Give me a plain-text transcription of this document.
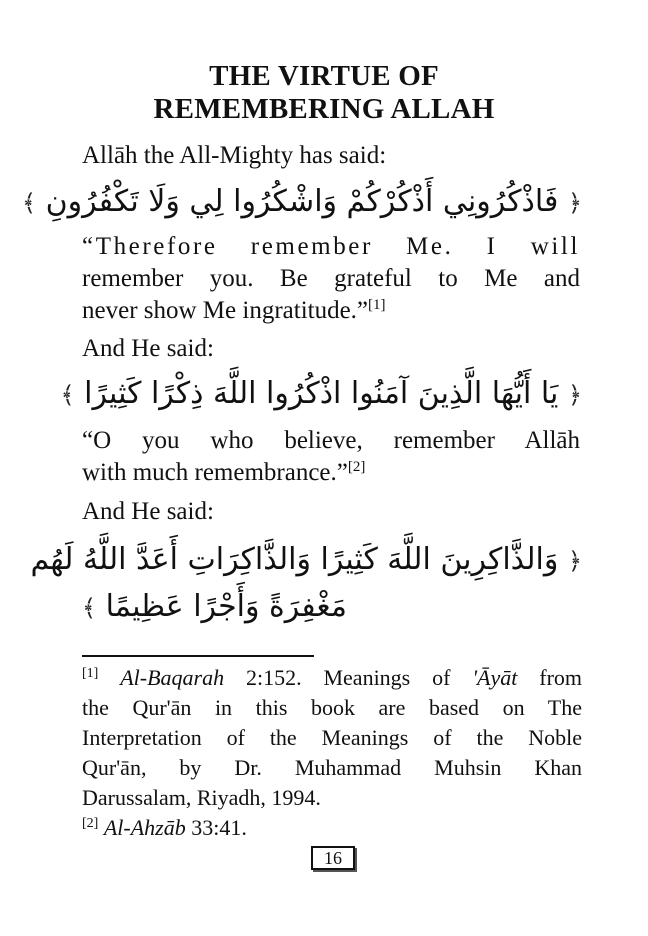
THE VIRTUE OF
REMEMBERING ALLAH
Allāh the All-Mighty has said:
﴿ فَاذْكُرُونِي أَذْكُرْكُمْ وَاشْكُرُوا لِي وَلَا تَكْفُرُونِ ﴾
“Therefore remember Me. I will
remember you. Be grateful to Me and
never show Me ingratitude.”[1]
And He said:
﴿ يَا أَيُّهَا الَّذِينَ آمَنُوا اذْكُرُوا اللَّهَ ذِكْرًا كَثِيرًا ﴾
“O you who believe, remember Allāh
with much remembrance.”[2]
And He said:
﴿ وَالذَّاكِرِينَ اللَّهَ كَثِيرًا وَالذَّاكِرَاتِ أَعَدَّ اللَّهُ لَهُم
مَغْفِرَةً وَأَجْرًا عَظِيمًا ﴾
[1] Al-Baqarah 2:152. Meanings of 'Āyāt from
the Qur'ān in this book are based on The
Interpretation of the Meanings of the Noble
Qur'ān, by Dr. Muhammad Muhsin Khan
Darussalam, Riyadh, 1994.
[2] Al-Ahzāb 33:41.
16
